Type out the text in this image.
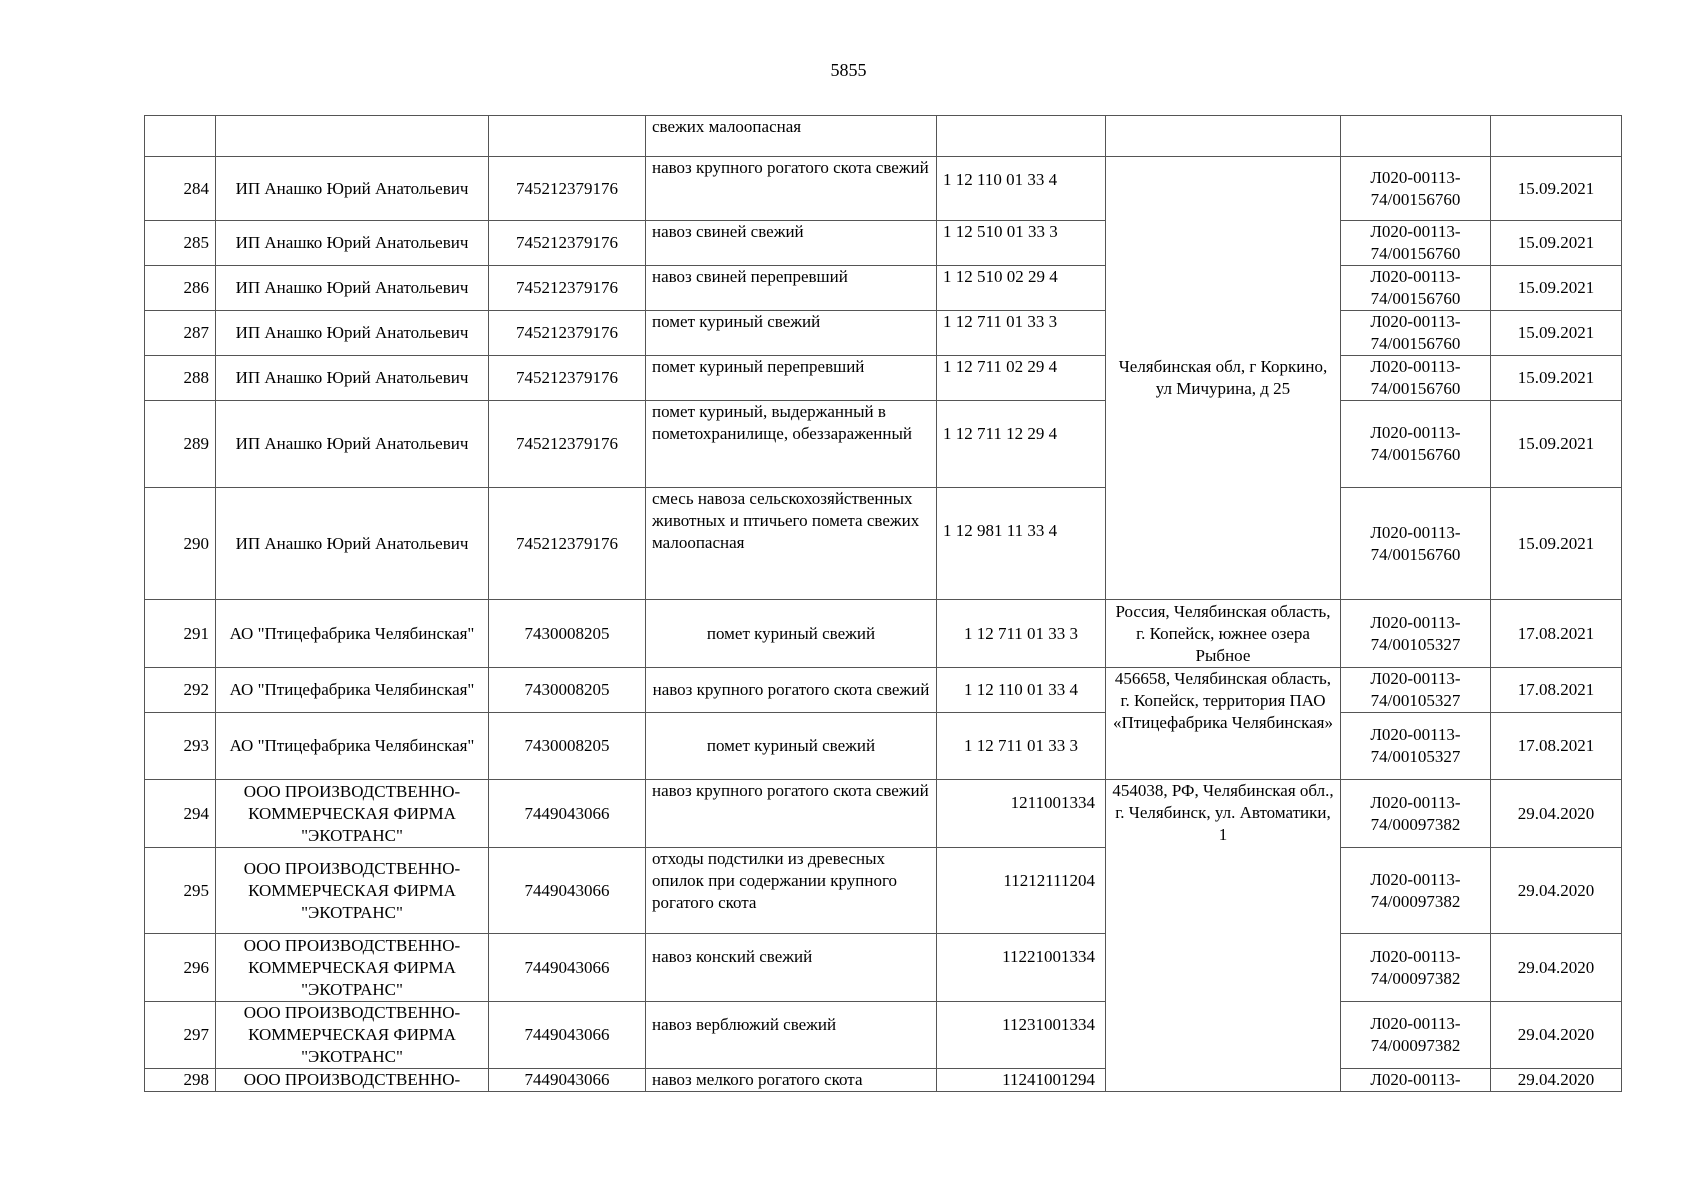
5855
			свежих малоопасная				
284	ИП Анашко Юрий Анатольевич	745212379176	навоз крупного рогатого скота свежий	1 12 110 01 33 4	Челябинская обл, г Коркино, ул Мичурина, д 25	Л020-00113-74/00156760	15.09.2021
285	ИП Анашко Юрий Анатольевич	745212379176	навоз свиней свежий	1 12 510 01 33 3		Л020-00113-74/00156760	15.09.2021
286	ИП Анашко Юрий Анатольевич	745212379176	навоз свиней перепревший	1 12 510 02 29 4		Л020-00113-74/00156760	15.09.2021
287	ИП Анашко Юрий Анатольевич	745212379176	помет куриный свежий	1 12 711 01 33 3		Л020-00113-74/00156760	15.09.2021
288	ИП Анашко Юрий Анатольевич	745212379176	помет куриный перепревший	1 12 711 02 29 4		Л020-00113-74/00156760	15.09.2021
289	ИП Анашко Юрий Анатольевич	745212379176	помет куриный, выдержанный в пометохранилище, обеззараженный	1 12 711 12 29 4		Л020-00113-74/00156760	15.09.2021
290	ИП Анашко Юрий Анатольевич	745212379176	смесь навоза сельскохозяйственных животных и птичьего помета свежих малоопасная	1 12 981 11 33 4		Л020-00113-74/00156760	15.09.2021
291	АО "Птицефабрика Челябинская"	7430008205	помет куриный свежий	1 12 711 01 33 3	Россия, Челябинская область, г. Копейск, южнее озера Рыбное	Л020-00113-74/00105327	17.08.2021
292	АО "Птицефабрика Челябинская"	7430008205	навоз крупного рогатого скота свежий	1 12 110 01 33 4	456658, Челябинская область, г. Копейск, территория ПАО «Птицефабрика Челябинская»	Л020-00113-74/00105327	17.08.2021
293	АО "Птицефабрика Челябинская"	7430008205	помет куриный свежий	1 12 711 01 33 3		Л020-00113-74/00105327	17.08.2021
294	ООО ПРОИЗВОДСТВЕННО-КОММЕРЧЕСКАЯ ФИРМА "ЭКОТРАНС"	7449043066	навоз крупного рогатого скота свежий	1211001334	454038, РФ, Челябинская обл., г. Челябинск, ул. Автоматики, 1	Л020-00113-74/00097382	29.04.2020
295	ООО ПРОИЗВОДСТВЕННО-КОММЕРЧЕСКАЯ ФИРМА "ЭКОТРАНС"	7449043066	отходы подстилки из древесных опилок при содержании крупного рогатого скота	11212111204		Л020-00113-74/00097382	29.04.2020
296	ООО ПРОИЗВОДСТВЕННО-КОММЕРЧЕСКАЯ ФИРМА "ЭКОТРАНС"	7449043066	навоз конский свежий	11221001334		Л020-00113-74/00097382	29.04.2020
297	ООО ПРОИЗВОДСТВЕННО-КОММЕРЧЕСКАЯ ФИРМА "ЭКОТРАНС"	7449043066	навоз верблюжий свежий	11231001334		Л020-00113-74/00097382	29.04.2020
298	ООО ПРОИЗВОДСТВЕННО-	7449043066	навоз мелкого рогатого скота	11241001294		Л020-00113-	29.04.2020
